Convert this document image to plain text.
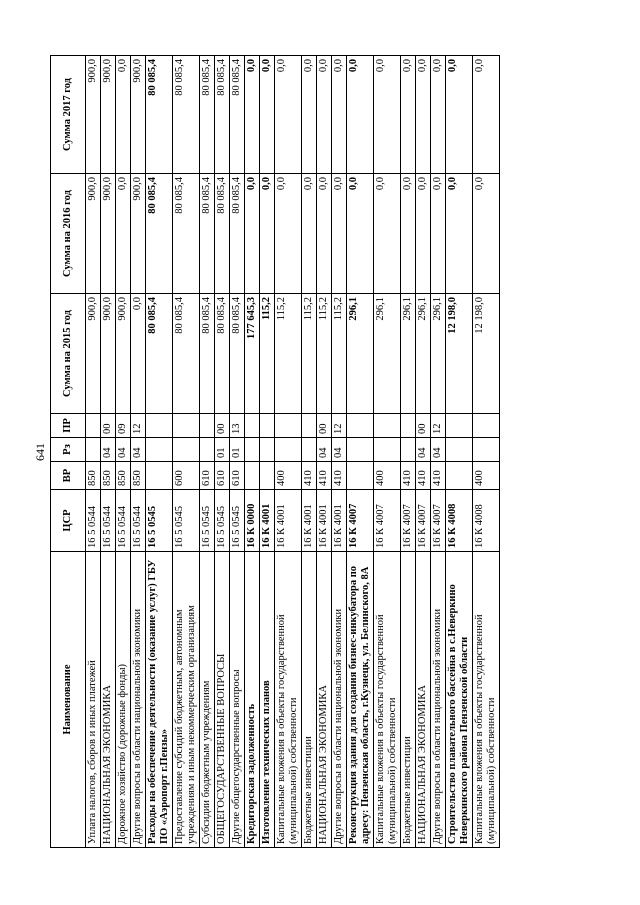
641
Наименование	ЦСР	ВР	Рз	ПР	Сумма на 2015 год	Сумма на 2016 год	Сумма 2017 год
Уплата налогов, сборов и иных платежей	16 5 0544	850			900,0	900,0	900,0
НАЦИОНАЛЬНАЯ ЭКОНОМИКА	16 5 0544	850	04	00	900,0	900,0	900,0
Дорожное хозяйство (дорожные фонды)	16 5 0544	850	04	09	900,0	0,0	0,0
Другие вопросы в области национальной экономики	16 5 0544	850	04	12	0,0	900,0	900,0
Расходы на обеспечение деятельности (оказание услуг) ГБУ ПО «Аэропорт г.Пензы»	16 5 0545				80 085,4	80 085,4	80 085,4
Предоставление субсидий бюджетным, автономным учреждениям и иным некоммерческим организациям	16 5 0545	600			80 085,4	80 085,4	80 085,4
Субсидии бюджетным учреждениям	16 5 0545	610			80 085,4	80 085,4	80 085,4
ОБЩЕГОСУДАРСТВЕННЫЕ ВОПРОСЫ	16 5 0545	610	01	00	80 085,4	80 085,4	80 085,4
Другие общегосударственные вопросы	16 5 0545	610	01	13	80 085,4	80 085,4	80 085,4
Кредиторская задолженность	16 К 0000				177 645,3	0,0	0,0
Изготовление технических планов	16 К 4001				115,2	0,0	0,0
Капитальные вложения в объекты государственной (муниципальной) собственности	16 К 4001	400			115,2	0,0	0,0
Бюджетные инвестиции	16 К 4001	410			115,2	0,0	0,0
НАЦИОНАЛЬНАЯ ЭКОНОМИКА	16 К 4001	410	04	00	115,2	0,0	0,0
Другие вопросы в области национальной экономики	16 К 4001	410	04	12	115,2	0,0	0,0
Реконструкция здания для создания бизнес-инкубатора по адресу: Пензенская область, г.Кузнецк, ул. Белинского, 8А	16 К 4007				296,1	0,0	0,0
Капитальные вложения в объекты государственной (муниципальной) собственности	16 К 4007	400			296,1	0,0	0,0
Бюджетные инвестиции	16 К 4007	410			296,1	0,0	0,0
НАЦИОНАЛЬНАЯ ЭКОНОМИКА	16 К 4007	410	04	00	296,1	0,0	0,0
Другие вопросы в области национальной экономики	16 К 4007	410	04	12	296,1	0,0	0,0
Строительство плавательного бассейна в с.Неверкино Неверкинского района Пензенской области	16 К 4008				12 198,0	0,0	0,0
Капитальные вложения в объекты государственной (муниципальной) собственности	16 К 4008	400			12 198,0	0,0	0,0
